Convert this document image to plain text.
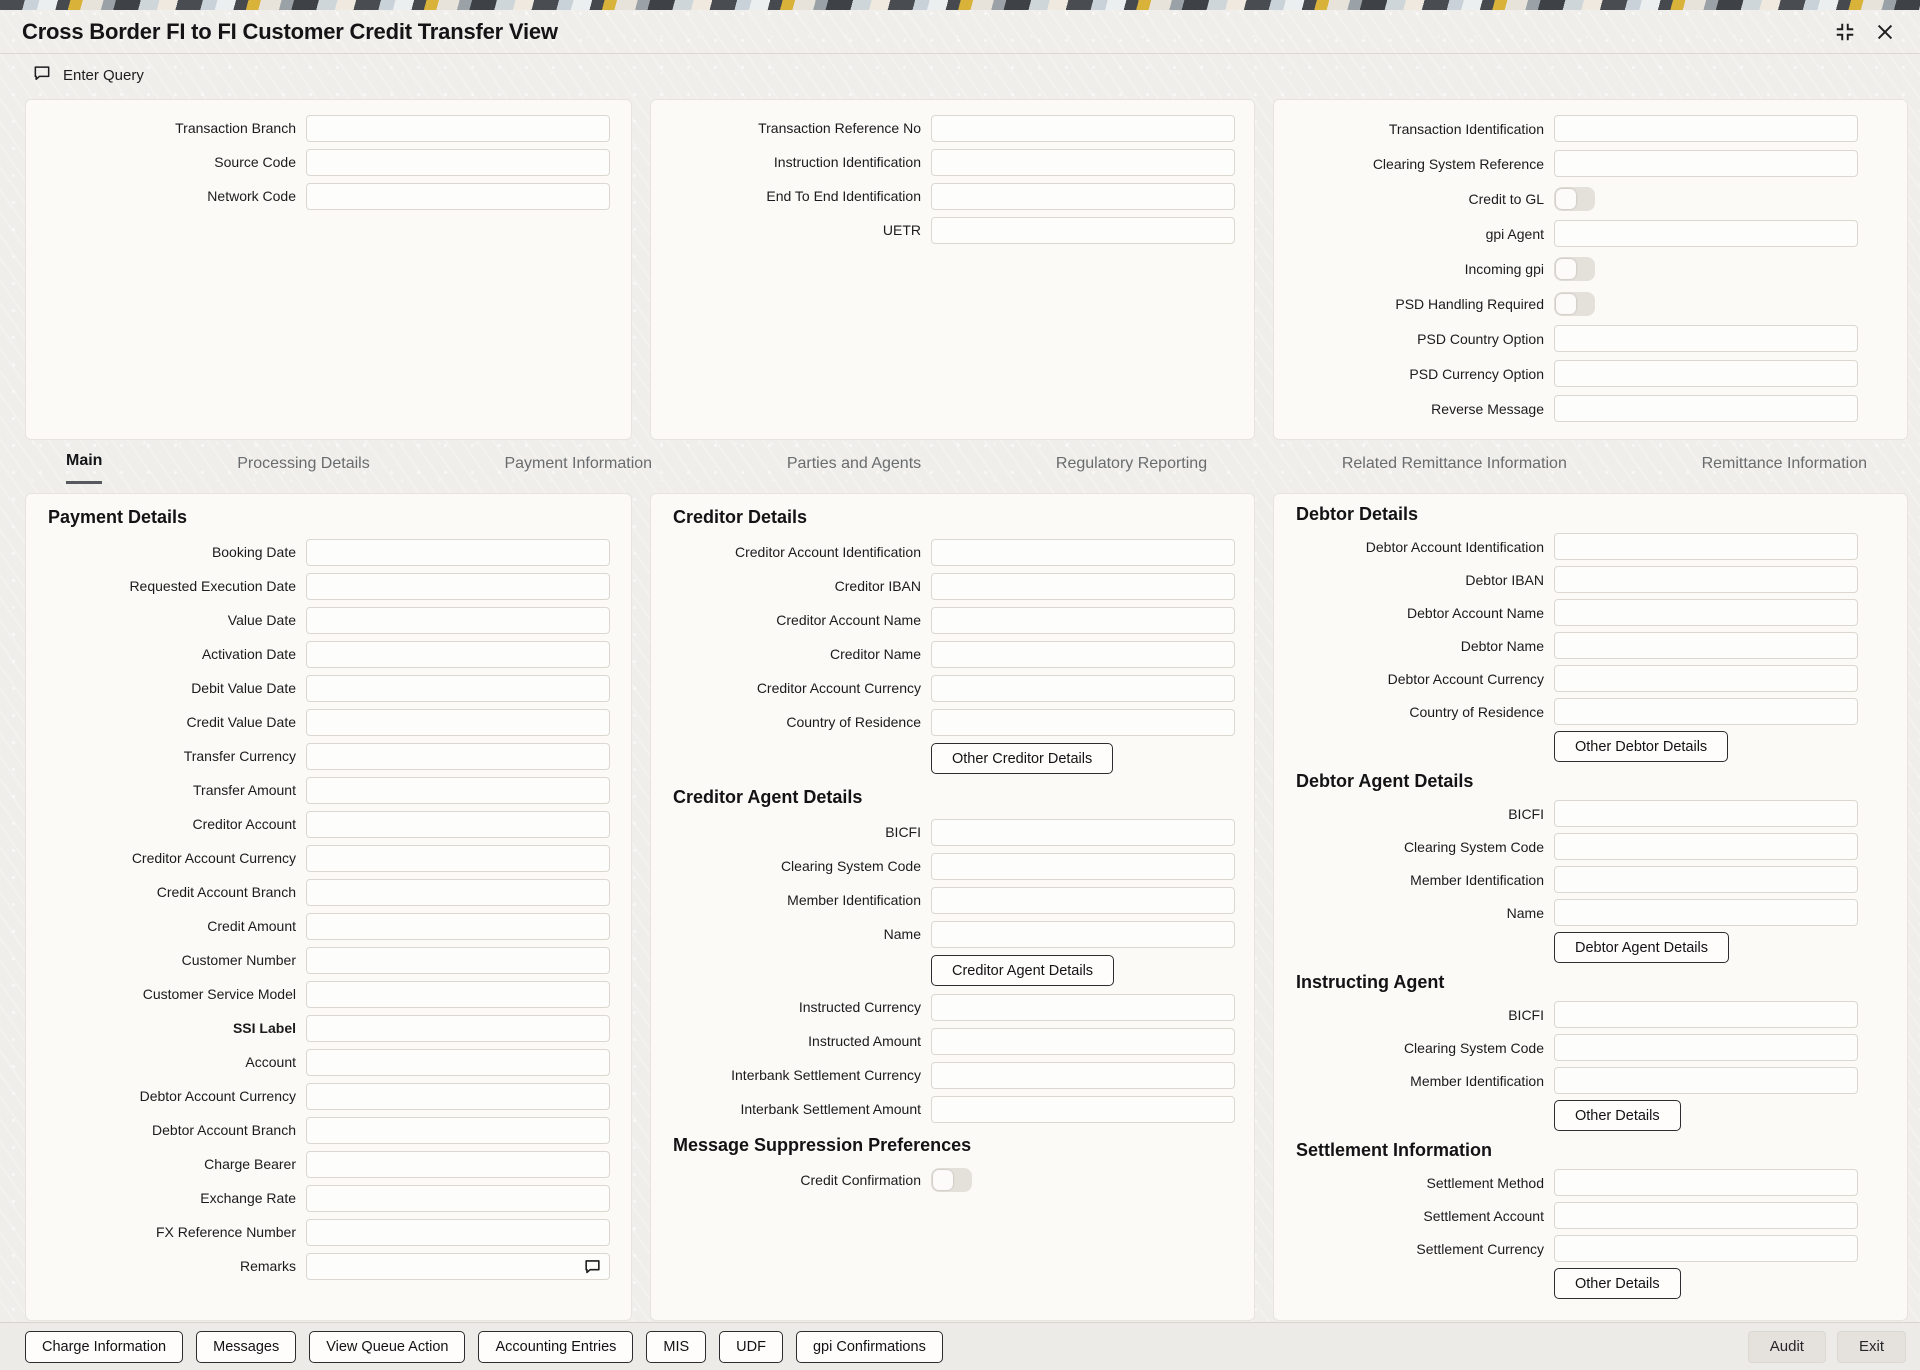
Cross Border FI to FI Customer Credit Transfer View
Enter Query
Transaction Branch
Source Code
Network Code
Transaction Reference No
Instruction Identification
End To End Identification
UETR
Transaction Identification
Clearing System Reference
Credit to GL
gpi Agent
Incoming gpi
PSD Handling Required
PSD Country Option
PSD Currency Option
Reverse Message
Main	Processing Details	Payment Information	Parties and Agents	Regulatory Reporting	Related Remittance Information	Remittance Information
Payment Details
Booking Date
Requested Execution Date
Value Date
Activation Date
Debit Value Date
Credit Value Date
Transfer Currency
Transfer Amount
Creditor Account
Creditor Account Currency
Credit Account Branch
Credit Amount
Customer Number
Customer Service Model
SSI Label
Account
Debtor Account Currency
Debtor Account Branch
Charge Bearer
Exchange Rate
FX Reference Number
Remarks
Creditor Details
Creditor Account Identification
Creditor IBAN
Creditor Account Name
Creditor Name
Creditor Account Currency
Country of Residence
Other Creditor Details
Creditor Agent Details
BICFI
Clearing System Code
Member Identification
Name
Creditor Agent Details
Instructed Currency
Instructed Amount
Interbank Settlement Currency
Interbank Settlement Amount
Message Suppression Preferences
Credit Confirmation
Debtor Details
Debtor Account Identification
Debtor IBAN
Debtor Account Name
Debtor Name
Debtor Account Currency
Country of Residence
Other Debtor Details
Debtor Agent Details
BICFI
Clearing System Code
Member Identification
Name
Debtor Agent Details
Instructing Agent
BICFI
Clearing System Code
Member Identification
Other Details
Settlement Information
Settlement Method
Settlement Account
Settlement Currency
Other Details
Charge Information	Messages	View Queue Action	Accounting Entries	MIS	UDF	gpi Confirmations	Audit	Exit
